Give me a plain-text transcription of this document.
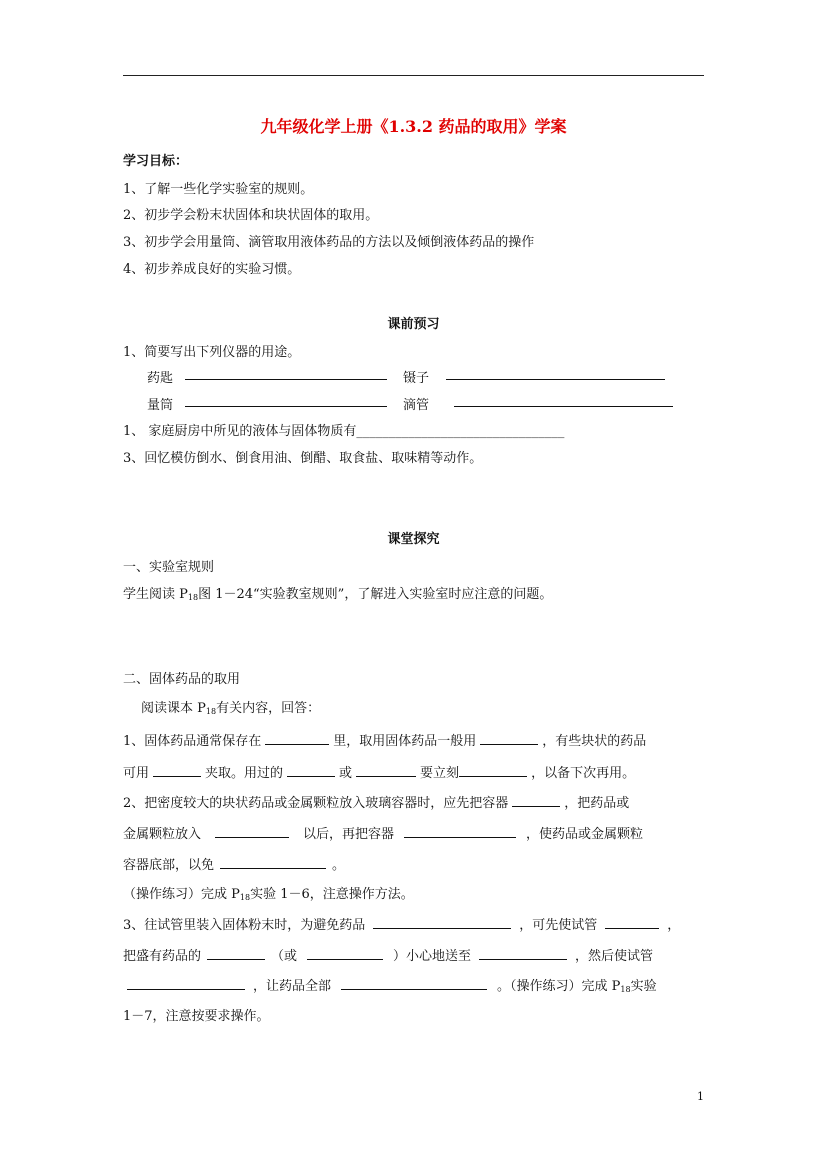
九年级化学上册《1.3.2 药品的取用》学案
学习目标：
1、了解一些化学实验室的规则。
2、初步学会粉末状固体和块状固体的取用。
3、初步学会用量筒、滴管取用液体药品的方法以及倾倒液体药品的操作
4、初步养成良好的实验习惯。
课前预习
1、简要写出下列仪器的用途。
药匙	镊子
量筒	滴管
1、 家庭厨房中所见的液体与固体物质有________________________________
3、回忆模仿倒水、倒食用油、倒醋、取食盐、取味精等动作。
课堂探究
一、实验室规则
学生阅读 $P_{18}$图 1－24“实验教室规则”，了解进入实验室时应注意的问题。
二、固体药品的取用
阅读课本 $P_{18}$有关内容，回答：
1、固体药品通常保存在	里，取用固体药品一般用	，有些块状的药品
可用	夹取。用过的	或	要立刻	，以备下次再用。
2、把密度较大的块状药品或金属颗粒放入玻璃容器时，应先把容器	，把药品或
金属颗粒放入	以后，再把容器	，使药品或金属颗粒
容器底部，以免	。
（操作练习）完成 $P_{18}$实验 1－6，注意操作方法。
3、往试管里装入固体粉末时，为避免药品	，可先使试管	，
把盛有药品的	（或	）小心地送至	，然后使试管
，让药品全部	。（操作练习）完成 $P_{18}$实验
1－7，注意按要求操作。
1
